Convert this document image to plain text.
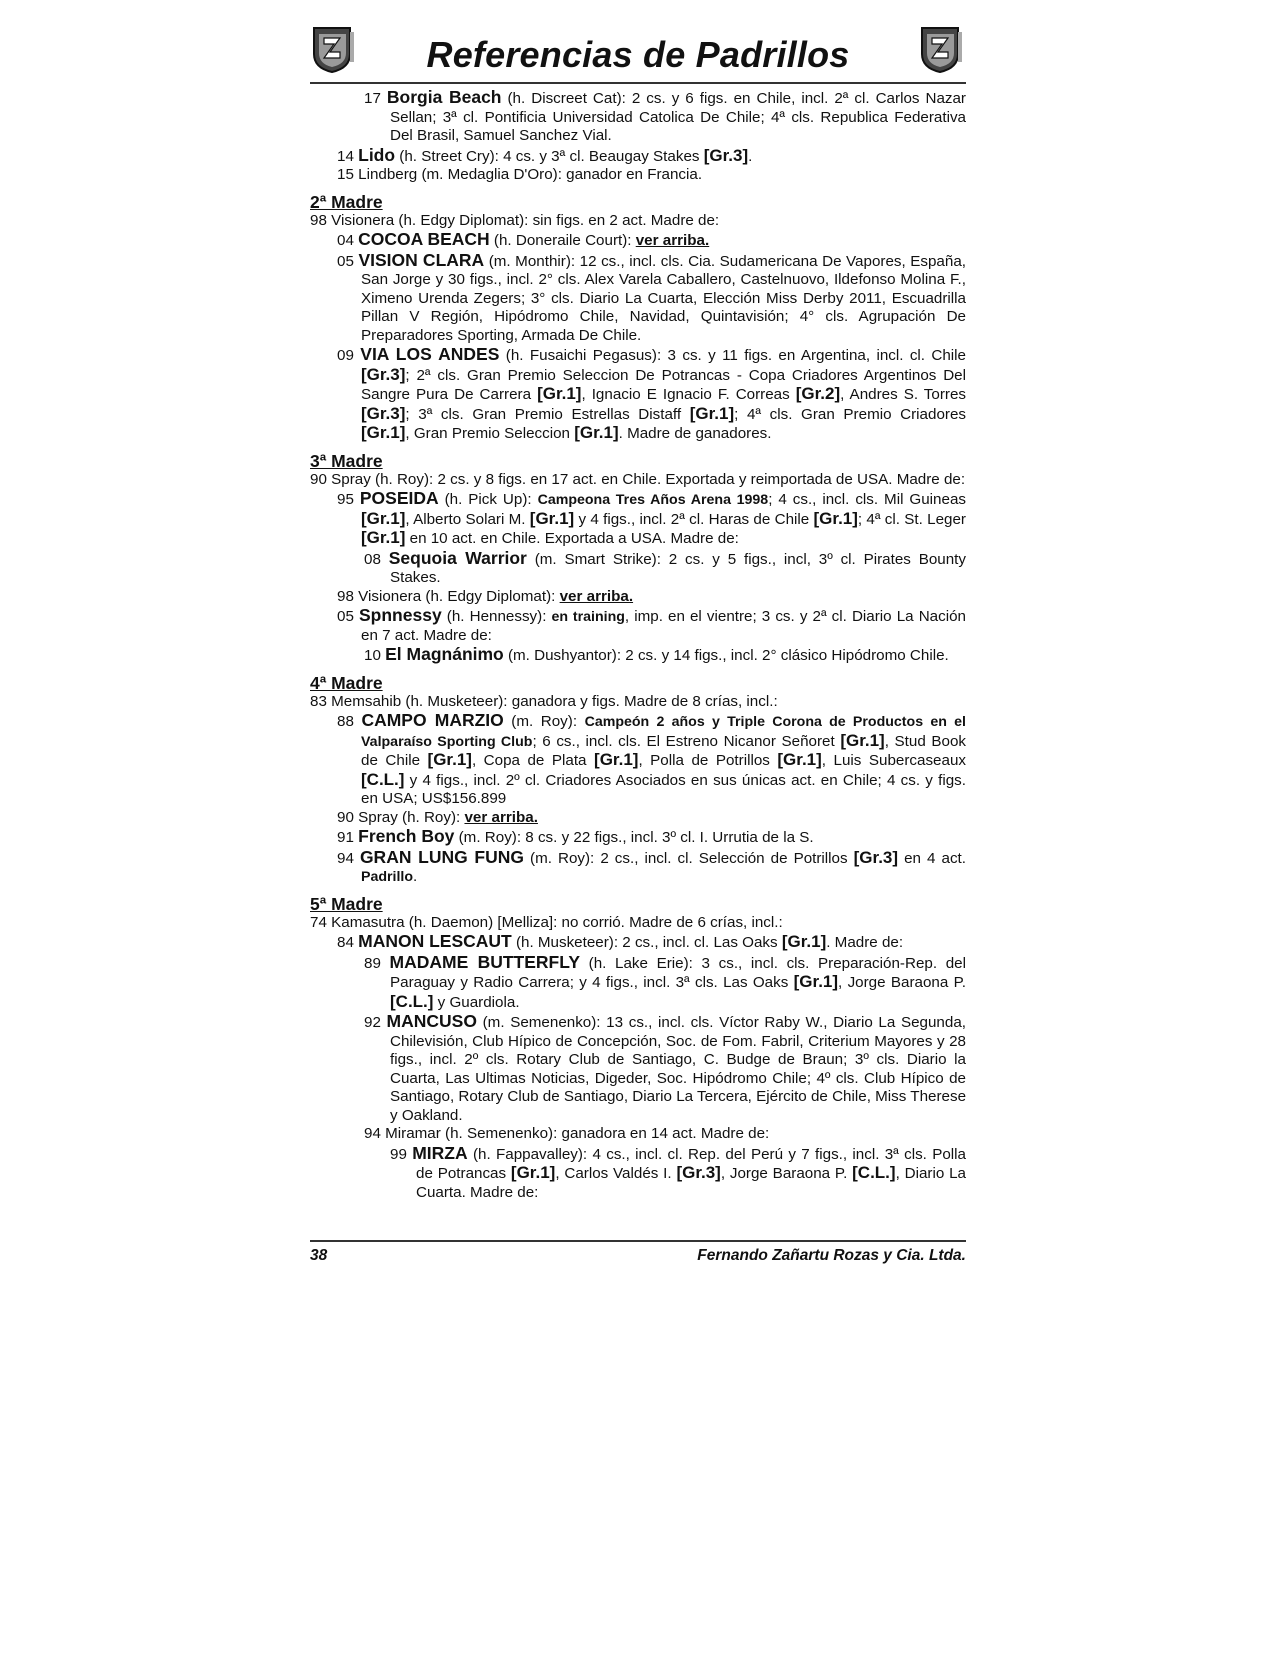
Referencias de Padrillos
17 Borgia Beach (h. Discreet Cat): 2 cs. y 6 figs. en Chile, incl. 2ª cl. Carlos Nazar Sellan; 3ª cl. Pontificia Universidad Catolica De Chile; 4ª cls. Republica Federativa Del Brasil, Samuel Sanchez Vial.
14 Lido (h. Street Cry): 4 cs. y 3ª cl. Beaugay Stakes [Gr.3].
15 Lindberg (m. Medaglia D'Oro): ganador en Francia.
2ª Madre
98 Visionera (h. Edgy Diplomat): sin figs. en 2 act. Madre de:
04 COCOA BEACH (h. Doneraile Court): ver arriba.
05 VISION CLARA (m. Monthir): 12 cs., incl. cls. Cia. Sudamericana De Vapores, España, San Jorge y 30 figs., incl. 2° cls. Alex Varela Caballero, Castelnuovo, Ildefonso Molina F., Ximeno Urenda Zegers; 3° cls. Diario La Cuarta, Elección Miss Derby 2011, Escuadrilla Pillan V Región, Hipódromo Chile, Navidad, Quintavisión; 4° cls. Agrupación De Preparadores Sporting, Armada De Chile.
09 VIA LOS ANDES (h. Fusaichi Pegasus): 3 cs. y 11 figs. en Argentina, incl. cl. Chile [Gr.3]; 2ª cls. Gran Premio Seleccion De Potrancas - Copa Criadores Argentinos Del Sangre Pura De Carrera [Gr.1], Ignacio E Ignacio F. Correas [Gr.2], Andres S. Torres [Gr.3]; 3ª cls. Gran Premio Estrellas Distaff [Gr.1]; 4ª cls. Gran Premio Criadores [Gr.1], Gran Premio Seleccion [Gr.1]. Madre de ganadores.
3ª Madre
90 Spray (h. Roy): 2 cs. y 8 figs. en 17 act. en Chile. Exportada y reimportada de USA. Madre de:
95 POSEIDA (h. Pick Up): Campeona Tres Años Arena 1998; 4 cs., incl. cls. Mil Guineas [Gr.1], Alberto Solari M. [Gr.1] y 4 figs., incl. 2ª cl. Haras de Chile [Gr.1]; 4ª cl. St. Leger [Gr.1] en 10 act. en Chile. Exportada a USA. Madre de:
08 Sequoia Warrior (m. Smart Strike): 2 cs. y 5 figs., incl, 3º cl. Pirates Bounty Stakes.
98 Visionera (h. Edgy Diplomat): ver arriba.
05 Spnnessy (h. Hennessy): en training, imp. en el vientre; 3 cs. y 2ª cl. Diario La Nación en 7 act. Madre de:
10 El Magnánimo (m. Dushyantor): 2 cs. y 14 figs., incl. 2° clásico Hipódromo Chile.
4ª Madre
83 Memsahib (h. Musketeer): ganadora y figs. Madre de 8 crías, incl.:
88 CAMPO MARZIO (m. Roy): Campeón 2 años y Triple Corona de Productos en el Valparaíso Sporting Club; 6 cs., incl. cls. El Estreno Nicanor Señoret [Gr.1], Stud Book de Chile [Gr.1], Copa de Plata [Gr.1], Polla de Potrillos [Gr.1], Luis Subercaseaux [C.L.] y 4 figs., incl. 2º cl. Criadores Asociados en sus únicas act. en Chile; 4 cs. y figs. en USA; US$156.899
90 Spray (h. Roy): ver arriba.
91 French Boy (m. Roy): 8 cs. y 22 figs., incl. 3º cl. I. Urrutia de la S.
94 GRAN LUNG FUNG (m. Roy): 2 cs., incl. cl. Selección de Potrillos [Gr.3] en 4 act. Padrillo.
5ª Madre
74 Kamasutra (h. Daemon) [Melliza]: no corrió. Madre de 6 crías, incl.:
84 MANON LESCAUT (h. Musketeer): 2 cs., incl. cl. Las Oaks [Gr.1]. Madre de:
89 MADAME BUTTERFLY (h. Lake Erie): 3 cs., incl. cls. Preparación-Rep. del Paraguay y Radio Carrera; y 4 figs., incl. 3ª cls. Las Oaks [Gr.1], Jorge Baraona P. [C.L.] y Guardiola.
92 MANCUSO (m. Semenenko): 13 cs., incl. cls. Víctor Raby W., Diario La Segunda, Chilevisión, Club Hípico de Concepción, Soc. de Fom. Fabril, Criterium Mayores y 28 figs., incl. 2º cls. Rotary Club de Santiago, C. Budge de Braun; 3º cls. Diario la Cuarta, Las Ultimas Noticias, Digeder, Soc. Hipódromo Chile; 4º cls. Club Hípico de Santiago, Rotary Club de Santiago, Diario La Tercera, Ejército de Chile, Miss Therese y Oakland.
94 Miramar (h. Semenenko): ganadora en 14 act. Madre de:
99 MIRZA (h. Fappavalley): 4 cs., incl. cl. Rep. del Perú y 7 figs., incl. 3ª cls. Polla de Potrancas [Gr.1], Carlos Valdés I. [Gr.3], Jorge Baraona P. [C.L.], Diario La Cuarta. Madre de:
38	Fernando Zañartu Rozas y Cia. Ltda.
